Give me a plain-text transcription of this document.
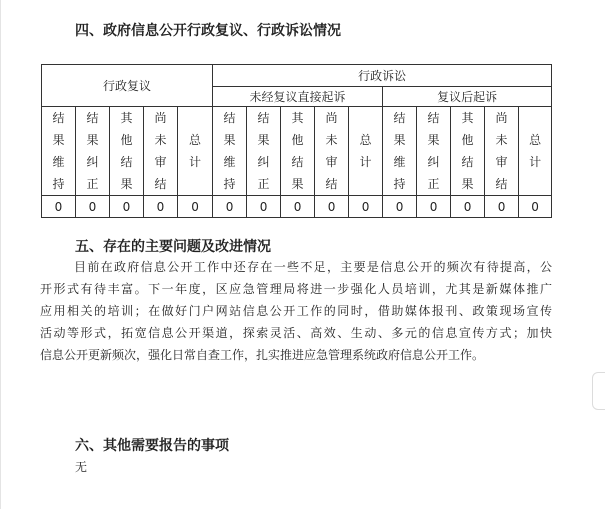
四、政府信息公开行政复议、行政诉讼情况
行政复议					行政诉讼									
					未经复议直接起诉					复议后起诉				

结果维持	结果纠正	其他结果	尚未审结	总计	结果维持	结果纠正	其他结果	尚未审结	总计	结果维持	结果纠正	其他结果	尚未审结	总计
0	0	0	0	0	0	0	0	0	0	0	0	0	0	0
五、存在的主要问题及改进情况
目前在政府信息公开工作中还存在一些不足，主要是信息公开的频次有待提高，公
开形式有待丰富。下一年度，区应急管理局将进一步强化人员培训，尤其是新媒体推广
应用相关的培训；在做好门户网站信息公开工作的同时，借助媒体报刊、政策现场宣传
活动等形式，拓宽信息公开渠道，探索灵活、高效、生动、多元的信息宣传方式；加快
信息公开更新频次，强化日常自查工作，扎实推进应急管理系统政府信息公开工作。
六、其他需要报告的事项
无
